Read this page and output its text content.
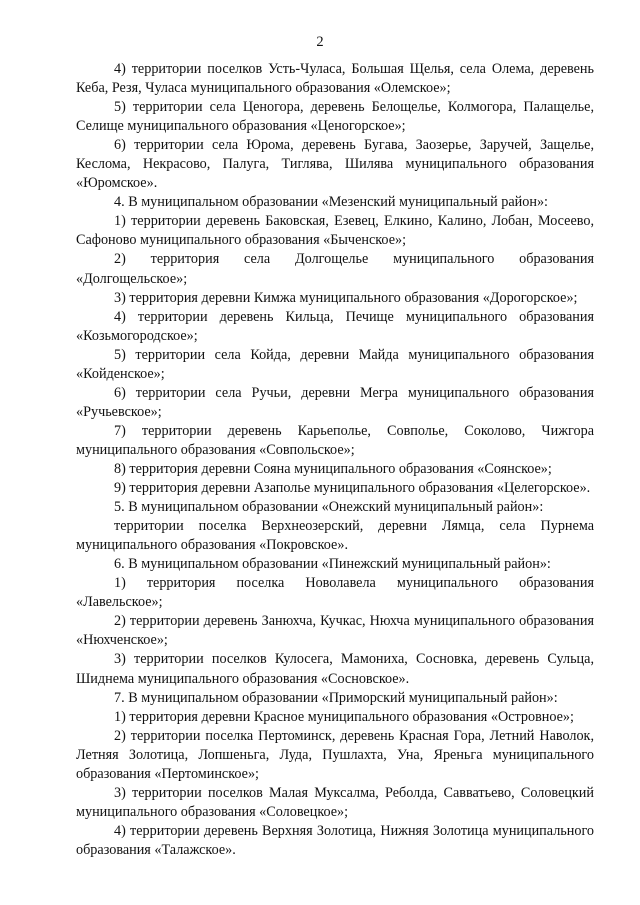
2

4) территории поселков Усть-Чуласа, Большая Щелья, села Олема, деревень Кеба, Резя, Чуласа муниципального образования «Олемское»;

5) территории села Ценогора, деревень Белощелье, Колмогора, Палащелье, Селище муниципального образования «Ценогорское»;

6) территории села Юрома, деревень Бугава, Заозерье, Заручей, Защелье, Кеслома, Некрасово, Палуга, Тиглява, Шилява муниципального образования «Юромское».

4. В муниципальном образовании «Мезенский муниципальный район»:

1) территории деревень Баковская, Езевец, Елкино, Калино, Лобан, Мосеево, Сафоново муниципального образования «Быченское»;

2) территория села Долгощелье муниципального образования «Долгощельское»;

3) территория деревни Кимжа муниципального образования «Дорогорское»;

4) территории деревень Кильца, Печище муниципального образования «Козьмогородское»;

5) территории села Койда, деревни Майда муниципального образования «Койденское»;

6) территории села Ручьи, деревни Мегра муниципального образования «Ручьевское»;

7) территории деревень Карьеполье, Совполье, Соколово, Чижгора муниципального образования «Совпольское»;

8) территория деревни Сояна муниципального образования «Соянское»;

9) территория деревни Азаполье муниципального образования «Целегорское».

5. В муниципальном образовании «Онежский муниципальный район»:

территории поселка Верхнеозерский, деревни Лямца, села Пурнема муниципального образования «Покровское».

6. В муниципальном образовании «Пинежский муниципальный район»:

1) территория поселка Новолавела муниципального образования «Лавельское»;

2) территории деревень Занюхча, Кучкас, Нюхча муниципального образования «Нюхченское»;

3) территории поселков Кулосега, Мамониха, Сосновка, деревень Сульца, Шиднема муниципального образования «Сосновское».

7. В муниципальном образовании «Приморский муниципальный район»:

1) территория деревни Красное муниципального образования «Островное»;

2) территории поселка Пертоминск, деревень Красная Гора, Летний Наволок, Летняя Золотица, Лопшеньга, Луда, Пушлахта, Уна, Яреньга муниципального образования «Пертоминское»;

3) территории поселков Малая Муксалма, Реболда, Савватьево, Соловецкий муниципального образования «Соловецкое»;

4) территории деревень Верхняя Золотица, Нижняя Золотица муниципального образования «Талажское».
